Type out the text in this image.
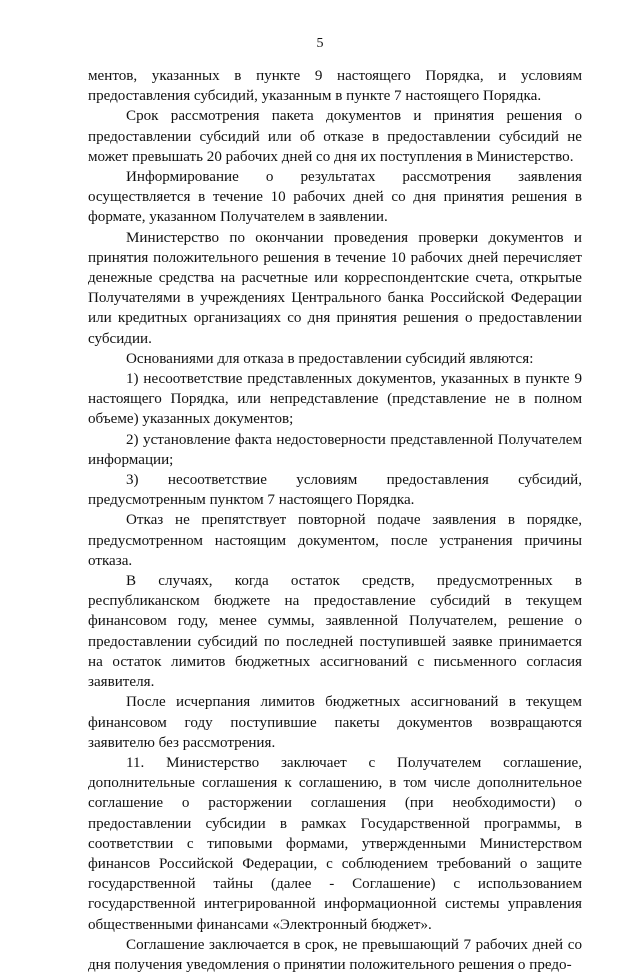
5

ментов, указанных в пункте 9 настоящего Порядка, и условиям предоставления субсидий, указанным в пункте 7 настоящего Порядка.

Срок рассмотрения пакета документов и принятия решения о предоставлении субсидий или об отказе в предоставлении субсидий не может превышать 20 рабочих дней со дня их поступления в Министерство.

Информирование о результатах рассмотрения заявления осуществляется в течение 10 рабочих дней со дня принятия решения в формате, указанном Получателем в заявлении.

Министерство по окончании проведения проверки документов и принятия положительного решения в течение 10 рабочих дней перечисляет денежные средства на расчетные или корреспондентские счета, открытые Получателями в учреждениях Центрального банка Российской Федерации или кредитных организациях со дня принятия решения о предоставлении субсидии.

Основаниями для отказа в предоставлении субсидий являются:

1) несоответствие представленных документов, указанных в пункте 9 настоящего Порядка, или непредставление (представление не в полном объеме) указанных документов;

2) установление факта недостоверности представленной Получателем информации;

3) несоответствие условиям предоставления субсидий, предусмотренным пунктом 7 настоящего Порядка.

Отказ не препятствует повторной подаче заявления в порядке, предусмотренном настоящим документом, после устранения причины отказа.

В случаях, когда остаток средств, предусмотренных в республиканском бюджете на предоставление субсидий в текущем финансовом году, менее суммы, заявленной Получателем, решение о предоставлении субсидий по последней поступившей заявке принимается на остаток лимитов бюджетных ассигнований с письменного согласия заявителя.

После исчерпания лимитов бюджетных ассигнований в текущем финансовом году поступившие пакеты документов возвращаются заявителю без рассмотрения.

11. Министерство заключает с Получателем соглашение, дополнительные соглашения к соглашению, в том числе дополнительное соглашение о расторжении соглашения (при необходимости) о предоставлении субсидии в рамках Государственной программы, в соответствии с типовыми формами, утвержденными Министерством финансов Российской Федерации, с соблюдением требований о защите государственной тайны (далее - Соглашение) с использованием государственной интегрированной информационной системы управления общественными финансами «Электронный бюджет».

Соглашение заключается в срок, не превышающий 7 рабочих дней со дня получения уведомления о принятии положительного решения о предо-
